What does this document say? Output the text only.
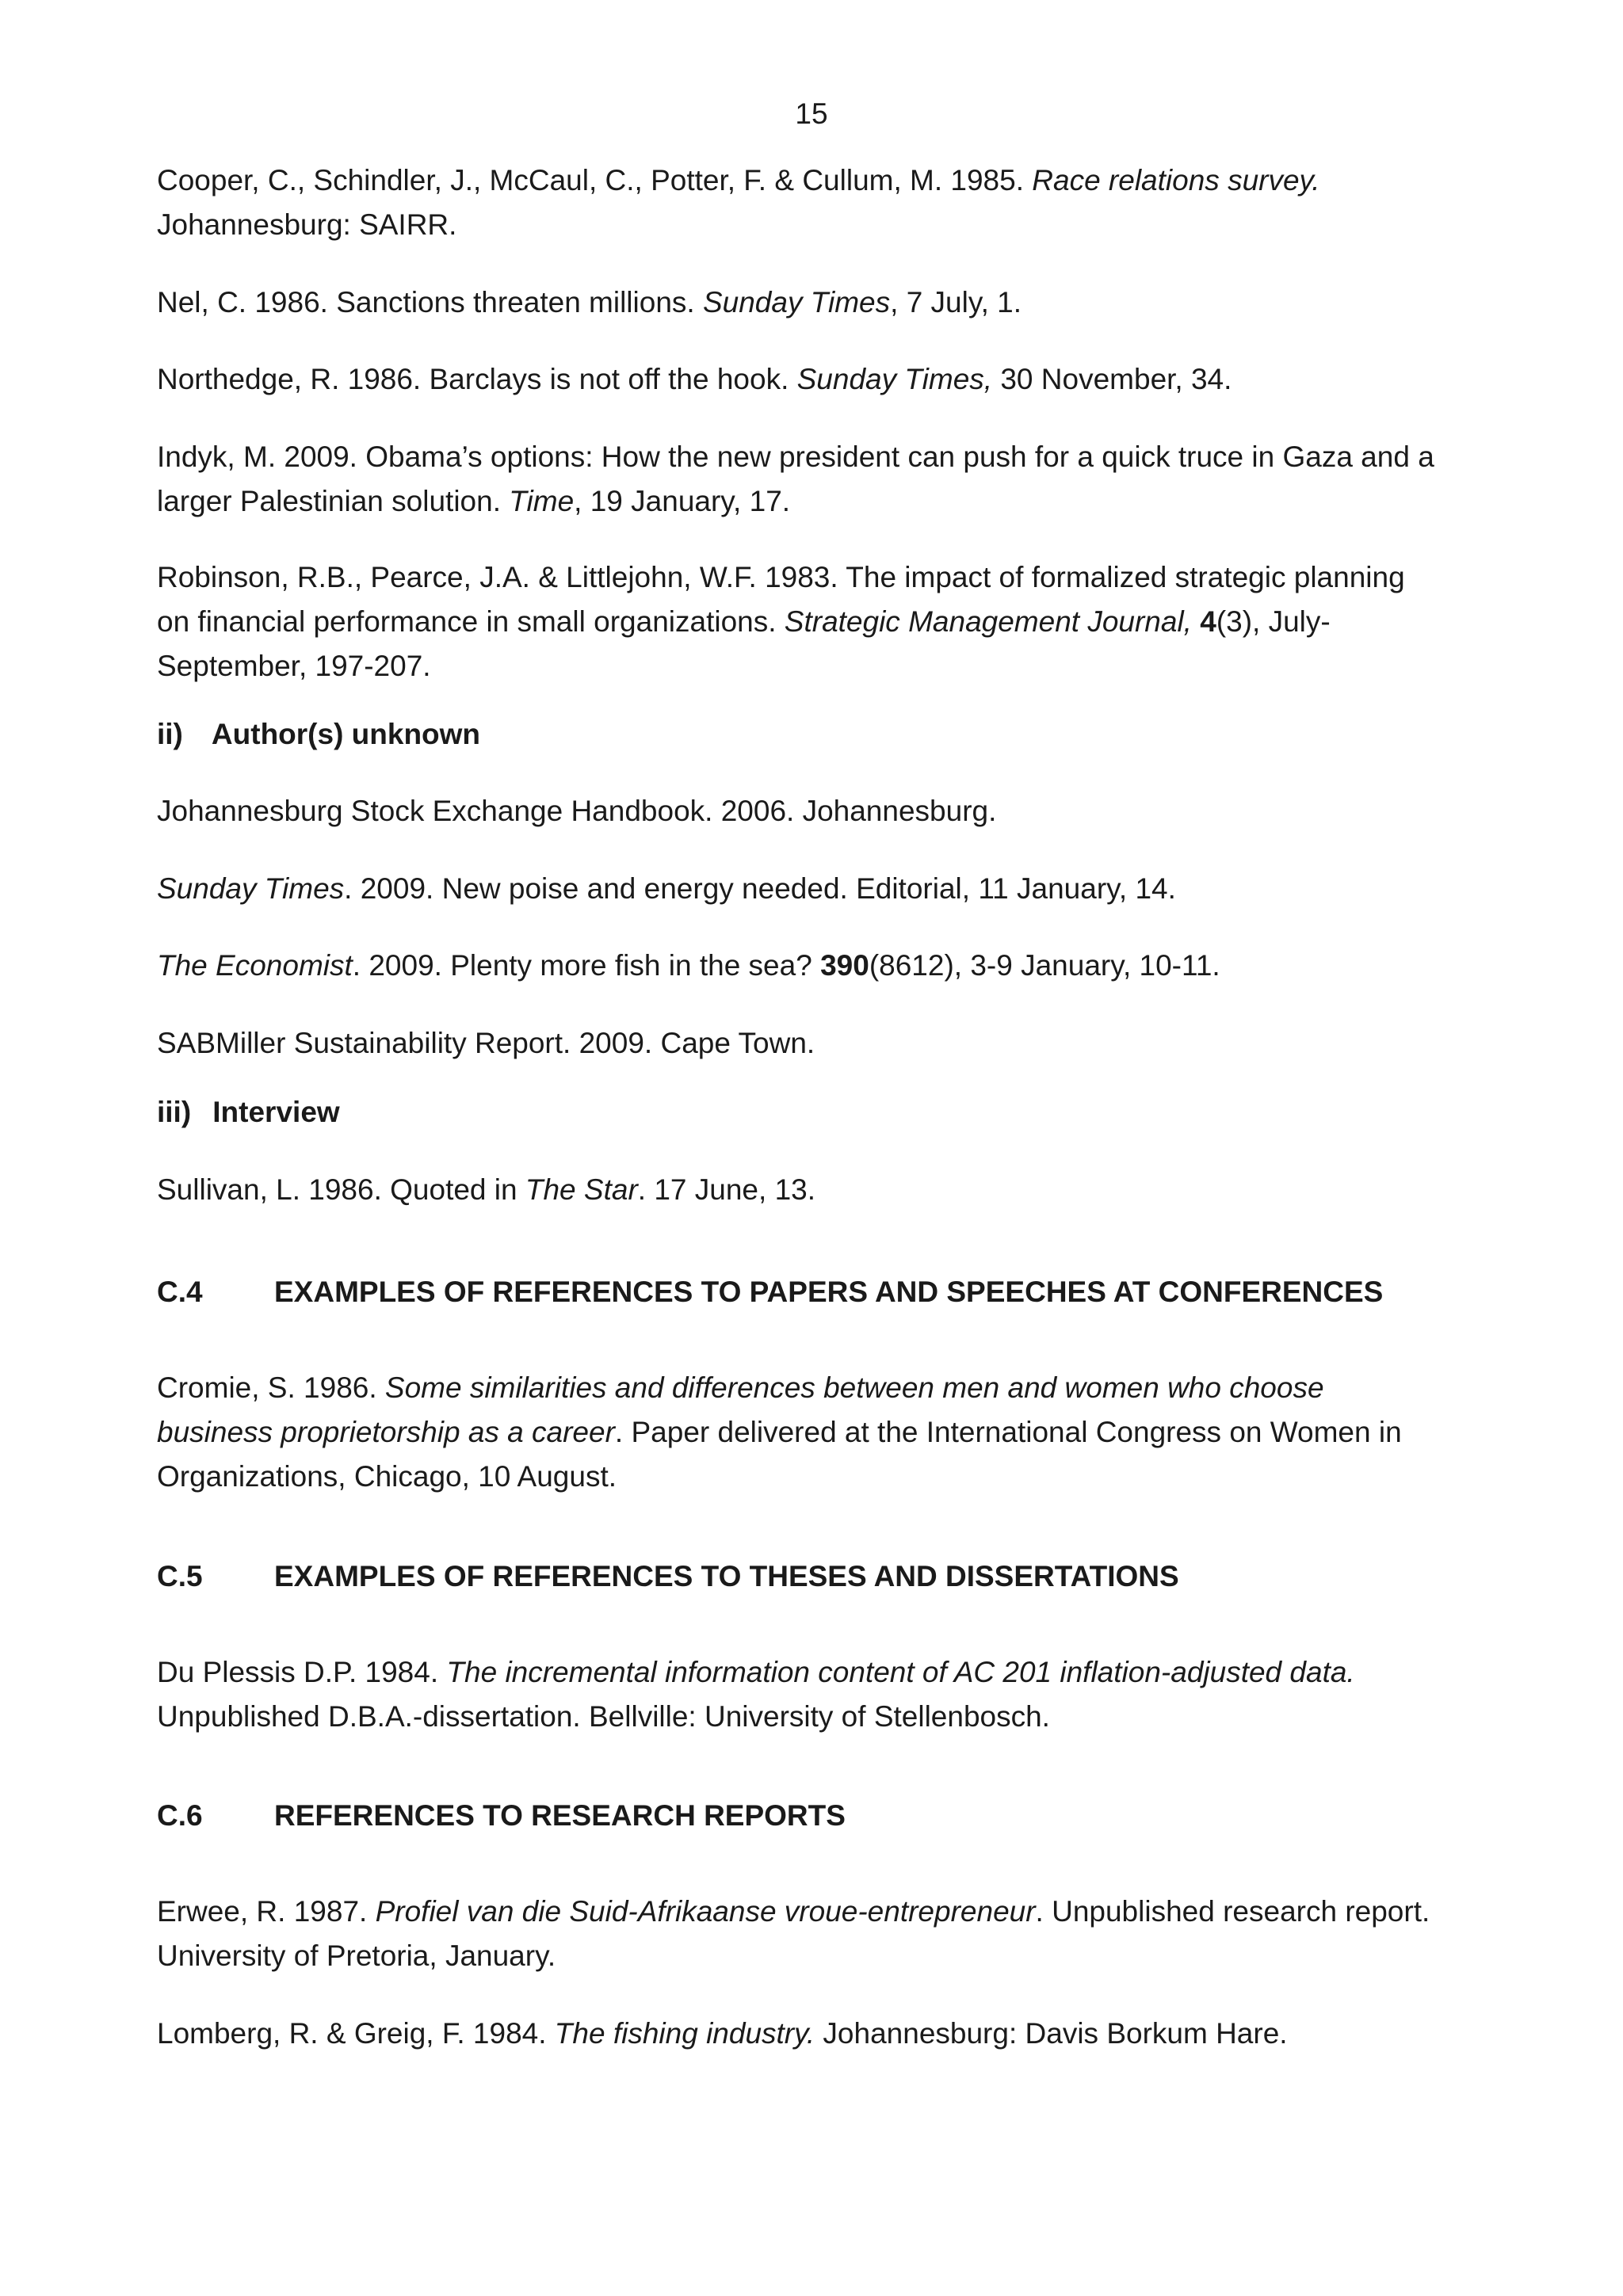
15

Cooper, C., Schindler, J., McCaul, C., Potter, F. & Cullum, M. 1985. Race relations survey.
Johannesburg: SAIRR.

Nel, C. 1986. Sanctions threaten millions. Sunday Times, 7 July, 1.

Northedge, R. 1986. Barclays is not off the hook. Sunday Times, 30 November, 34.

Indyk, M. 2009. Obama’s options: How the new president can push for a quick truce in Gaza and a
larger Palestinian solution. Time, 19 January, 17.

Robinson, R.B., Pearce, J.A. & Littlejohn, W.F. 1983. The impact of formalized strategic planning
on financial performance in small organizations. Strategic Management Journal, 4(3), July-
September, 197-207.

ii) Author(s) unknown

Johannesburg Stock Exchange Handbook. 2006. Johannesburg.

Sunday Times. 2009. New poise and energy needed. Editorial, 11 January, 14.

The Economist. 2009. Plenty more fish in the sea? 390(8612), 3-9 January, 10-11.

SABMiller Sustainability Report. 2009. Cape Town.

iii) Interview

Sullivan, L. 1986. Quoted in The Star. 17 June, 13.

C.4 EXAMPLES OF REFERENCES TO PAPERS AND SPEECHES AT CONFERENCES

Cromie, S. 1986. Some similarities and differences between men and women who choose
business proprietorship as a career. Paper delivered at the International Congress on Women in
Organizations, Chicago, 10 August.

C.5 EXAMPLES OF REFERENCES TO THESES AND DISSERTATIONS

Du Plessis D.P. 1984. The incremental information content of AC 201 inflation-adjusted data.
Unpublished D.B.A.-dissertation. Bellville: University of Stellenbosch.

C.6 REFERENCES TO RESEARCH REPORTS

Erwee, R. 1987. Profiel van die Suid-Afrikaanse vroue-entrepreneur. Unpublished research report.
University of Pretoria, January.

Lomberg, R. & Greig, F. 1984. The fishing industry. Johannesburg: Davis Borkum Hare.
